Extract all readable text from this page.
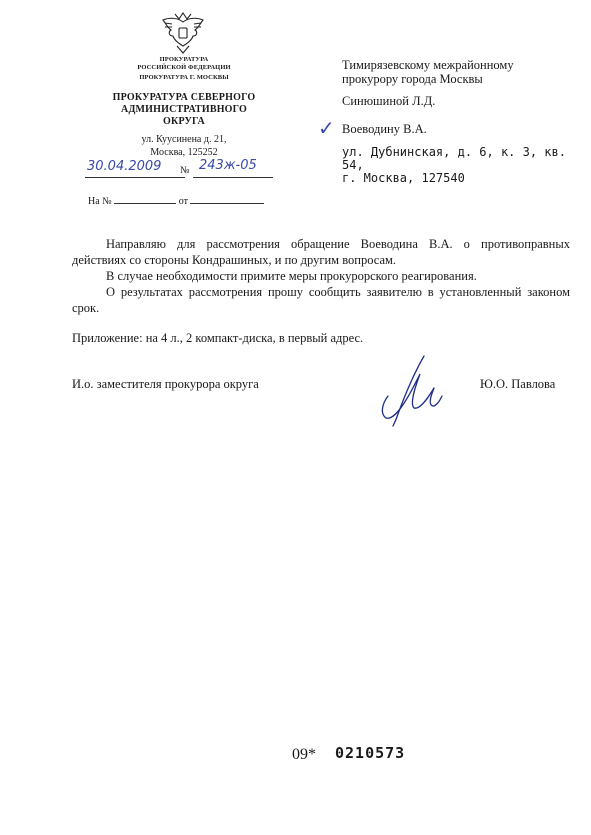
ПРОКУРАТУРА
РОССИЙСКОЙ ФЕДЕРАЦИИ
ПРОКУРАТУРА Г. МОСКВЫ
ПРОКУРАТУРА СЕВЕРНОГО
АДМИНИСТРАТИВНОГО
ОКРУГА
ул. Куусинена д. 21,
Москва, 125252
30.04.2009 № 243ж-05
На №	от
Тимирязевскому межрайонному
прокурору города Москвы
Синюшиной Л.Д.
✓ Воеводину В.А.
ул. Дубнинская, д. 6, к. 3, кв. 54,
г. Москва, 127540

Направляю для рассмотрения обращение Воеводина В.А. о противоправных действиях со стороны Кондрашиных, и по другим вопросам.

В случае необходимости примите меры прокурорского реагирования.

О результатах рассмотрения прошу сообщить заявителю в установленный законом срок.

Приложение: на 4 л., 2 компакт-диска, в первый адрес.
И.о. заместителя прокурора округа	Ю.О. Павлова
09* 0210573
